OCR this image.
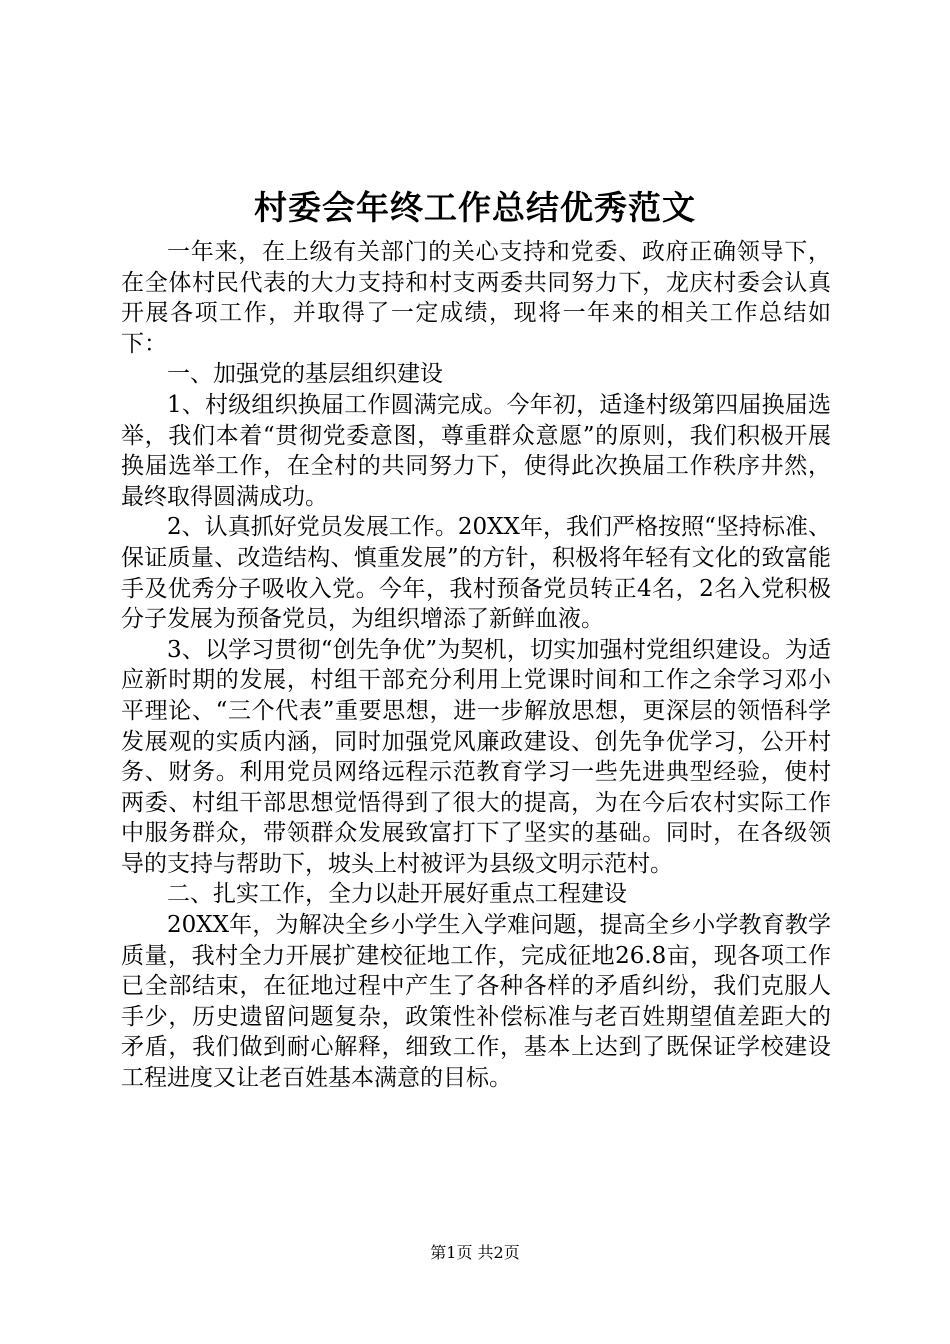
村委会年终工作总结优秀范文

一年来，在上级有关部门的关心支持和党委、政府正确领导下，在全体村民代表的大力支持和村支两委共同努力下，龙庆村委会认真开展各项工作，并取得了一定成绩，现将一年来的相关工作总结如下：

一、加强党的基层组织建设

1、村级组织换届工作圆满完成。今年初，适逢村级第四届换届选举，我们本着“贯彻党委意图，尊重群众意愿”的原则，我们积极开展换届选举工作，在全村的共同努力下，使得此次换届工作秩序井然，最终取得圆满成功。

2、认真抓好党员发展工作。20XX年，我们严格按照“坚持标准、保证质量、改造结构、慎重发展”的方针，积极将年轻有文化的致富能手及优秀分子吸收入党。今年，我村预备党员转正4名，2名入党积极分子发展为预备党员，为组织增添了新鲜血液。

3、以学习贯彻“创先争优”为契机，切实加强村党组织建设。为适应新时期的发展，村组干部充分利用上党课时间和工作之余学习邓小平理论、“三个代表”重要思想，进一步解放思想，更深层的领悟科学发展观的实质内涵，同时加强党风廉政建设、创先争优学习，公开村务、财务。利用党员网络远程示范教育学习一些先进典型经验，使村两委、村组干部思想觉悟得到了很大的提高，为在今后农村实际工作中服务群众，带领群众发展致富打下了坚实的基础。同时，在各级领导的支持与帮助下，坡头上村被评为县级文明示范村。

二、扎实工作，全力以赴开展好重点工程建设

20XX年，为解决全乡小学生入学难问题，提高全乡小学教育教学质量，我村全力开展扩建校征地工作，完成征地26.8亩，现各项工作已全部结束，在征地过程中产生了各种各样的矛盾纠纷，我们克服人手少，历史遗留问题复杂，政策性补偿标准与老百姓期望值差距大的矛盾，我们做到耐心解释，细致工作，基本上达到了既保证学校建设工程进度又让老百姓基本满意的目标。

第1页 共2页
